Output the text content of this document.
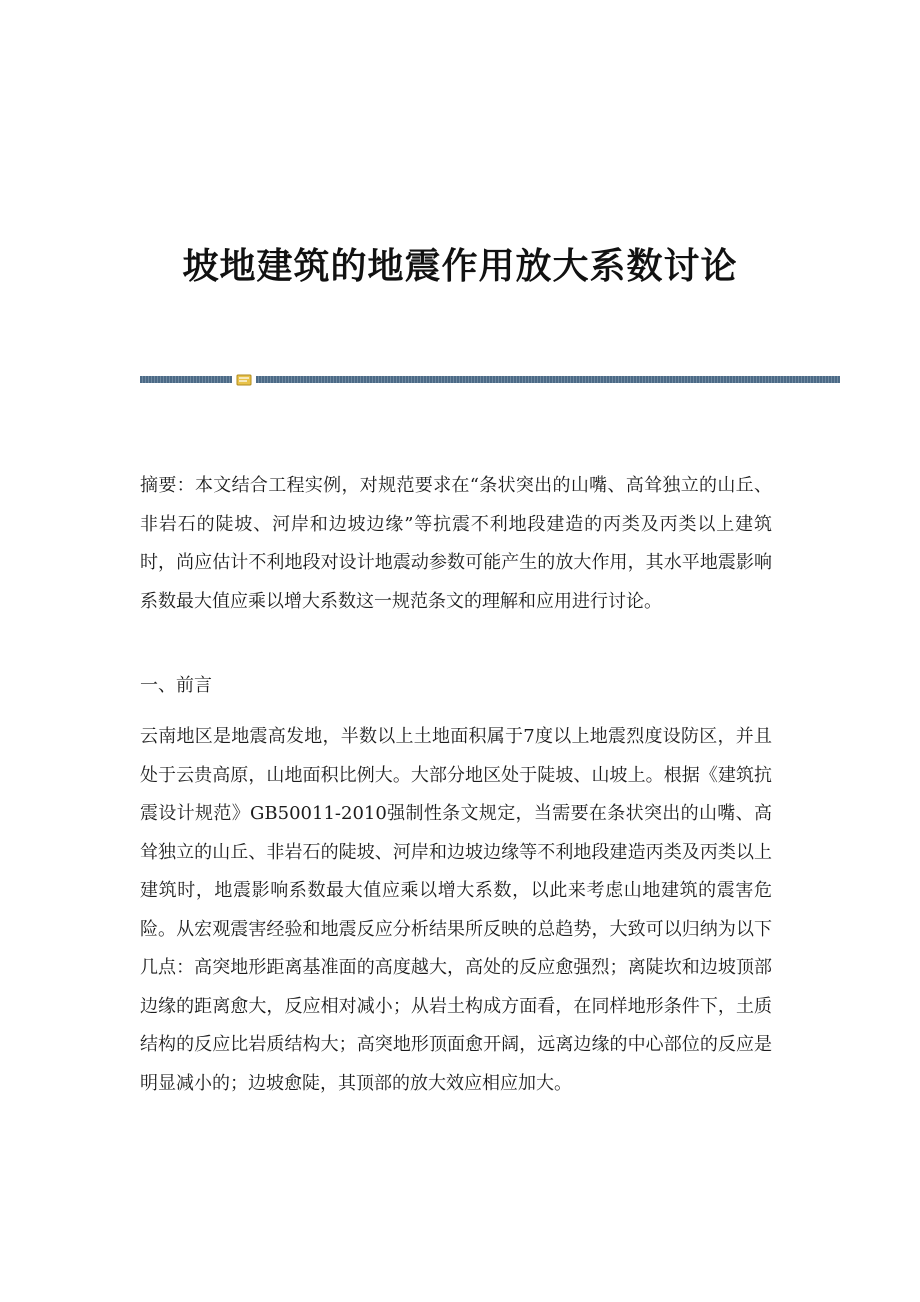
坡地建筑的地震作用放大系数讨论

摘要：本文结合工程实例，对规范要求在“条状突出的山嘴、高耸独立的山丘、非岩石的陡坡、河岸和边坡边缘”等抗震不利地段建造的丙类及丙类以上建筑时，尚应估计不利地段对设计地震动参数可能产生的放大作用，其水平地震影响系数最大值应乘以增大系数这一规范条文的理解和应用进行讨论。

一、前言

云南地区是地震高发地，半数以上土地面积属于7度以上地震烈度设防区，并且处于云贵高原，山地面积比例大。大部分地区处于陡坡、山坡上。根据《建筑抗震设计规范》GB50011-2010强制性条文规定，当需要在条状突出的山嘴、高耸独立的山丘、非岩石的陡坡、河岸和边坡边缘等不利地段建造丙类及丙类以上建筑时，地震影响系数最大值应乘以增大系数，以此来考虑山地建筑的震害危险。从宏观震害经验和地震反应分析结果所反映的总趋势，大致可以归纳为以下几点：高突地形距离基准面的高度越大，高处的反应愈强烈；离陡坎和边坡顶部边缘的距离愈大，反应相对减小；从岩土构成方面看，在同样地形条件下，土质结构的反应比岩质结构大；高突地形顶面愈开阔，远离边缘的中心部位的反应是明显减小的；边坡愈陡，其顶部的放大效应相应加大。
